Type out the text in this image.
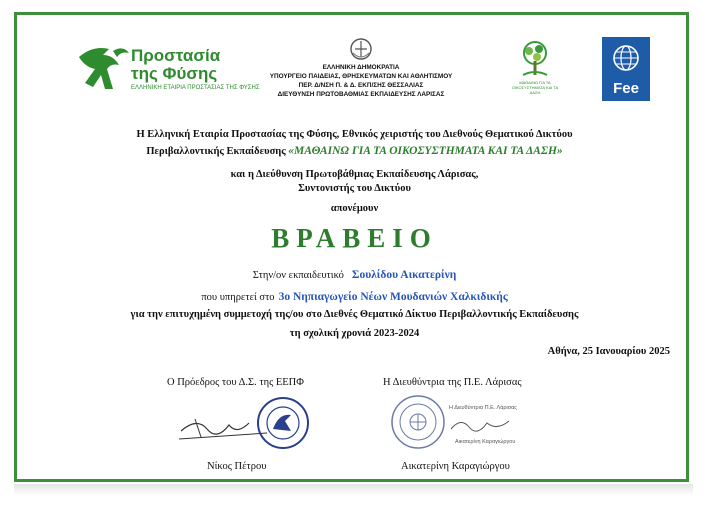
Προστασία
της Φύσης
ΕΛΛΗΝΙΚΗ ΕΤΑΙΡΙΑ ΠΡΟΣΤΑΣΙΑΣ ΤΗΣ ΦΥΣΗΣ
ΕΛΛΗΝΙΚΗ ΔΗΜΟΚΡΑΤΙΑ
ΥΠΟΥΡΓΕΙΟ ΠΑΙΔΕΙΑΣ, ΘΡΗΣΚΕΥΜΑΤΩΝ ΚΑΙ ΑΘΛΗΤΙΣΜΟΥ
ΠΕΡ. Δ/ΝΣΗ Π. & Δ. ΕΚΠ/ΣΗΣ ΘΕΣΣΑΛΙΑΣ
ΔΙΕΥΘΥΝΣΗ ΠΡΩΤΟΒΑΘΜΙΑΣ ΕΚΠΑΙΔΕΥΣΗΣ ΛΑΡΙΣΑΣ
ΜΑΘΑΙΝΩ ΓΙΑ ΤΑ ΟΙΚΟΣΥΣΤΗΜΑΤΑ ΚΑΙ ΤΑ ΔΑΣΗ	Fee
Η Ελληνική Εταιρία Προστασίας της Φύσης, Εθνικός χειριστής του Διεθνούς Θεματικού Δικτύου
Περιβαλλοντικής Εκπαίδευσης «ΜΑΘΑΙΝΩ ΓΙΑ ΤΑ ΟΙΚΟΣΥΣΤΗΜΑΤΑ ΚΑΙ ΤΑ ΔΑΣΗ»
και η Διεύθυνση Πρωτοβάθμιας Εκπαίδευσης Λάρισας,
Συντονιστής του Δικτύου
απονέμουν
ΒΡΑΒΕΙΟ
Στην/ον εκπαιδευτικό Σουλίδου Αικατερίνη
που υπηρετεί στο 3ο Νηπιαγωγείο Νέων Μουδανιών Χαλκιδικής
για την επιτυχημένη συμμετοχή της/ου στο Διεθνές Θεματικό Δίκτυο Περιβαλλοντικής Εκπαίδευσης
τη σχολική χρονιά 2023-2024
Αθήνα, 25 Ιανουαρίου 2025
Ο Πρόεδρος του Δ.Σ. της ΕΕΠΦ	Η Διευθύντρια της Π.Ε. Λάρισας
Η Διευθύντρια Π.Ε. Λάρισας
Αικατερίνη Καραγιώργου
Νίκος Πέτρου	Αικατερίνη Καραγιώργου
